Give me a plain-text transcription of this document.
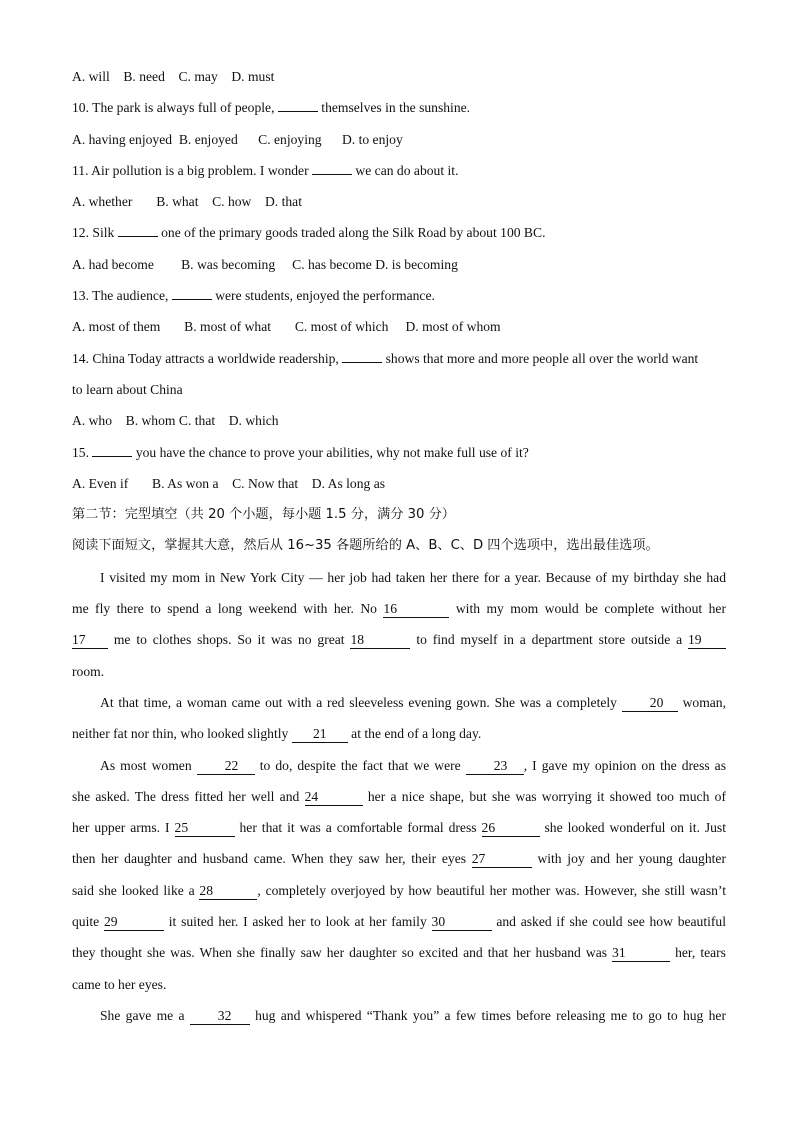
A. will B. need C. may D. must
10. The park is always full of people,	themselves in the sunshine.
A. having enjoyed B. enjoyed C. enjoying D. to enjoy
11. Air pollution is a big problem. I wonder	we can do about it.
A. whether B. what C. how D. that
12. Silk	one of the primary goods traded along the Silk Road by about 100 BC.
A. had become B. was becoming C. has become D. is becoming
13. The audience,	were students, enjoyed the performance.
A. most of them B. most of what C. most of which D. most of whom
14. China Today attracts a worldwide readership,	shows that more and more people all over the world want
to learn about China
A. who B. whom C. that D. which
15.	you have the chance to prove your abilities, why not make full use of it?
A. Even if B. As won a C. Now that D. As long as
第二节：完型填空（共 20 个小题，每小题 1.5 分，满分 30 分）
阅读下面短文，掌握其大意，然后从 16~35 各题所给的 A、B、C、D 四个选项中，选出最佳选项。
I visited my mom in New York City — her job had taken her there for a year. Because of my birthday she had
me fly there to spend a long weekend with her. No 16	with my mom would be complete without her
17 me to clothes shops. So it was no great 18	to find myself in a department store outside a 19
room.
At that time, a woman came out with a red sleeveless evening gown. She was a completely 20 woman,
neither fat nor thin, who looked slightly 21 at the end of a long day.
As most women 22 to do, despite the fact that we were 23 , I gave my opinion on the dress as
she asked. The dress fitted her well and 24	her a nice shape, but she was worrying it showed too much of
her upper arms. I 25	her that it was a comfortable formal dress 26	she looked wonderful on it. Just
then her daughter and husband came. When they saw her, their eyes 27	with joy and her young daughter
said she looked like a 28	, completely overjoyed by how beautiful her mother was. However, she still wasn’t
quite 29	it suited her. I asked her to look at her family 30	and asked if she could see how beautiful
they thought she was. When she finally saw her daughter so excited and that her husband was 31	her, tears
came to her eyes.
She gave me a 32 hug and whispered “Thank you” a few times before releasing me to go to hug her
